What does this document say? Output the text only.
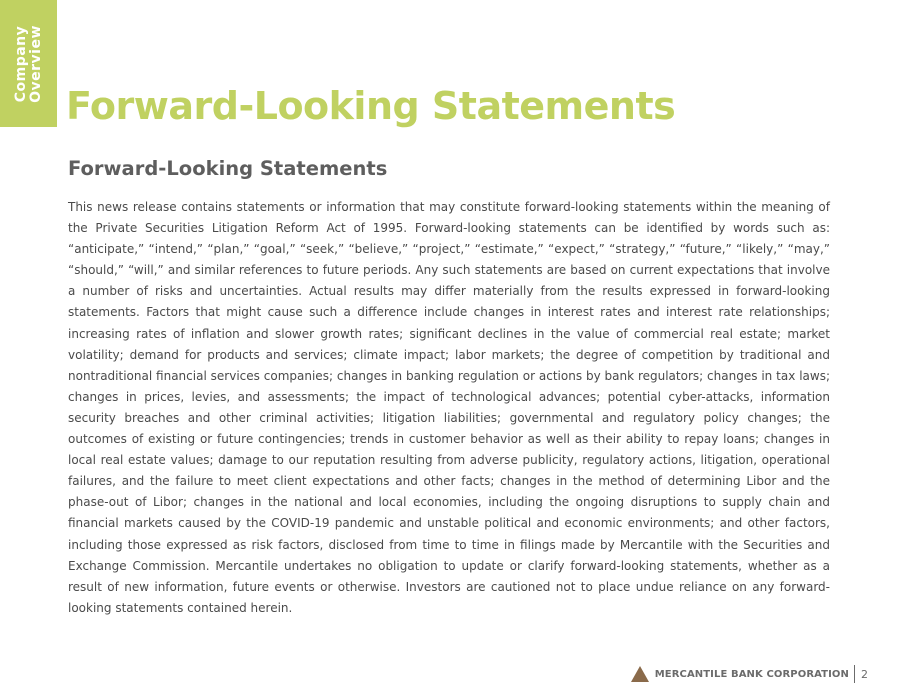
Company Overview
Forward-Looking Statements
Forward-Looking Statements

This news release contains statements or information that may constitute forward-looking statements within the meaning of the Private Securities Litigation Reform Act of 1995. Forward-looking statements can be identified by words such as: “anticipate,” “intend,” “plan,” “goal,” “seek,” “believe,” “project,” “estimate,” “expect,” “strategy,” “future,” “likely,” “may,” “should,” “will,” and similar references to future periods. Any such statements are based on current expectations that involve a number of risks and uncertainties. Actual results may differ materially from the results expressed in forward-looking statements. Factors that might cause such a difference include changes in interest rates and interest rate relationships; increasing rates of inflation and slower growth rates; significant declines in the value of commercial real estate; market volatility; demand for products and services; climate impact; labor markets; the degree of competition by traditional and nontraditional financial services companies; changes in banking regulation or actions by bank regulators; changes in tax laws; changes in prices, levies, and assessments; the impact of technological advances; potential cyber-attacks, information security breaches and other criminal activities; litigation liabilities; governmental and regulatory policy changes; the outcomes of existing or future contingencies; trends in customer behavior as well as their ability to repay loans; changes in local real estate values; damage to our reputation resulting from adverse publicity, regulatory actions, litigation, operational failures, and the failure to meet client expectations and other facts; changes in the method of determining Libor and the phase-out of Libor; changes in the national and local economies, including the ongoing disruptions to supply chain and financial markets caused by the COVID-19 pandemic and unstable political and economic environments; and other factors, including those expressed as risk factors, disclosed from time to time in filings made by Mercantile with the Securities and Exchange Commission. Mercantile undertakes no obligation to update or clarify forward-looking statements, whether as a result of new information, future events or otherwise. Investors are cautioned not to place undue reliance on any forward-looking statements contained herein.

MERCANTILE BANK CORPORATION 2
